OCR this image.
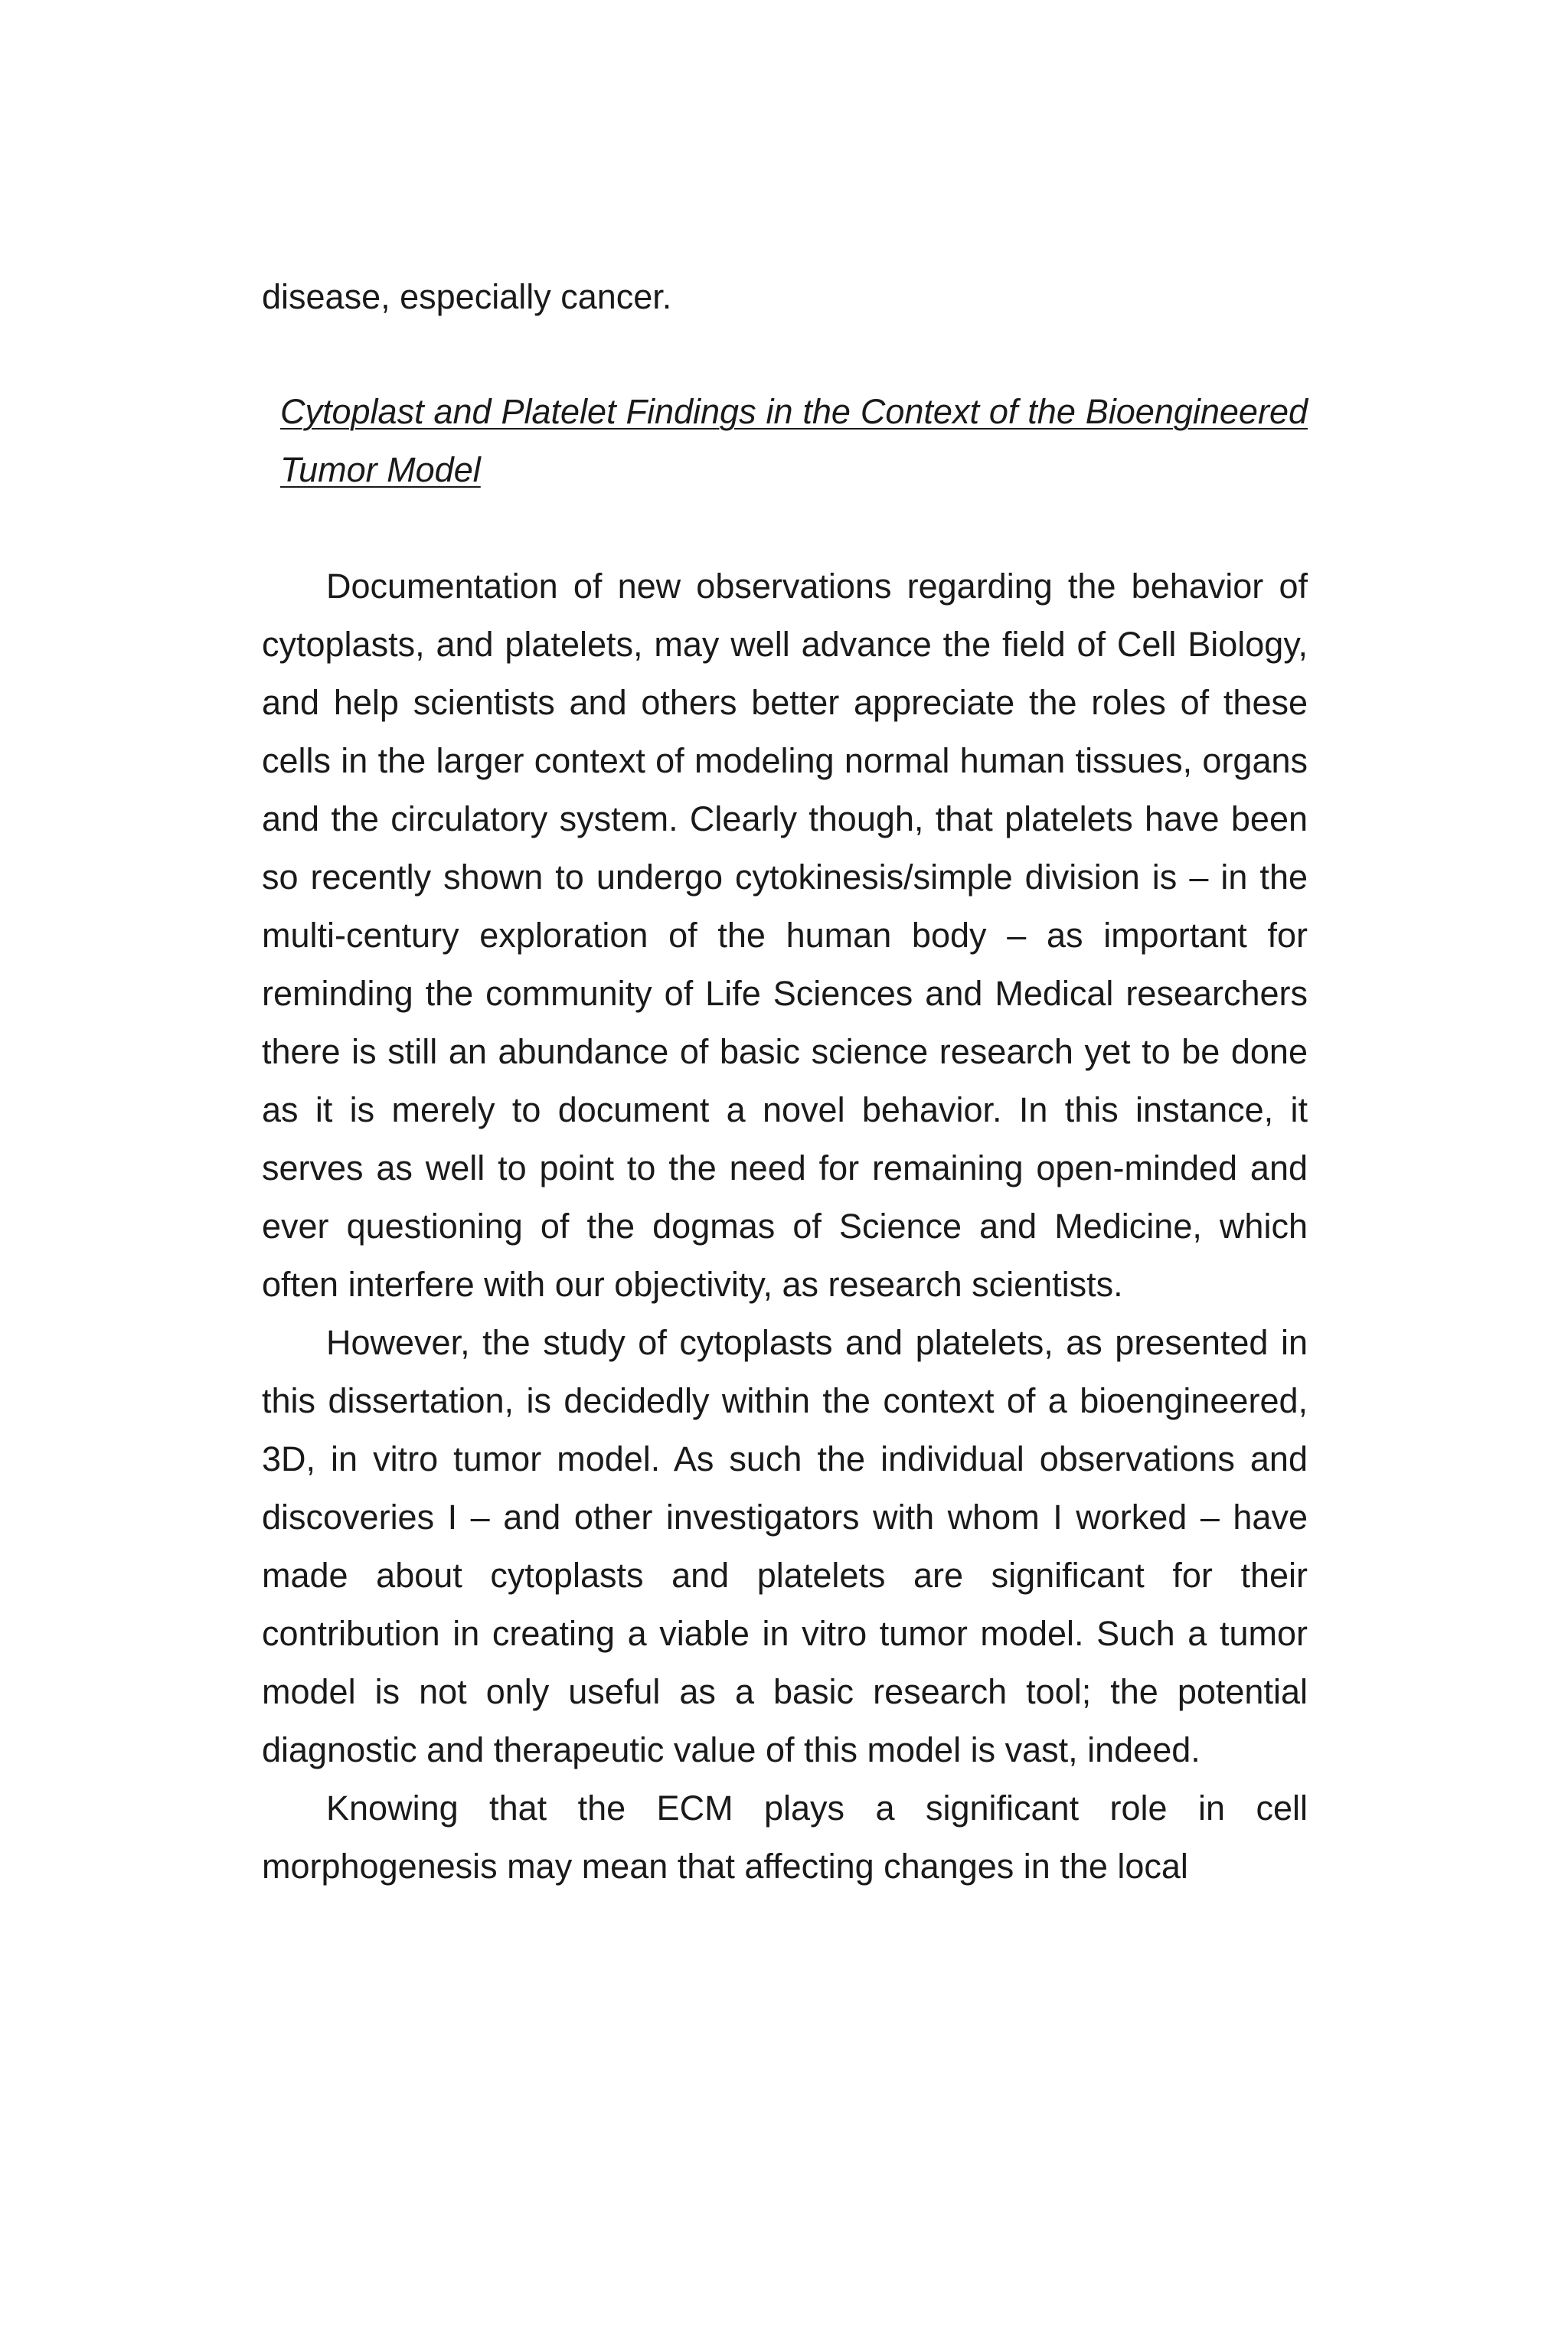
disease, especially cancer.

Cytoplast and Platelet Findings in the Context of the Bioengineered Tumor Model

Documentation of new observations regarding the behavior of cytoplasts, and platelets, may well advance the field of Cell Biology, and help scientists and others better appreciate the roles of these cells in the larger context of modeling normal human tissues, organs and the circulatory system. Clearly though, that platelets have been so recently shown to undergo cytokinesis/simple division is – in the multi-century exploration of the human body – as important for reminding the community of Life Sciences and Medical researchers there is still an abundance of basic science research yet to be done as it is merely to document a novel behavior. In this instance, it serves as well to point to the need for remaining open-minded and ever questioning of the dogmas of Science and Medicine, which often interfere with our objectivity, as research scientists.

However, the study of cytoplasts and platelets, as presented in this dissertation, is decidedly within the context of a bioengineered, 3D, in vitro tumor model. As such the individual observations and discoveries I – and other investigators with whom I worked – have made about cytoplasts and platelets are significant for their contribution in creating a viable in vitro tumor model. Such a tumor model is not only useful as a basic research tool; the potential diagnostic and therapeutic value of this model is vast, indeed.

Knowing that the ECM plays a significant role in cell morphogenesis may mean that affecting changes in the local
